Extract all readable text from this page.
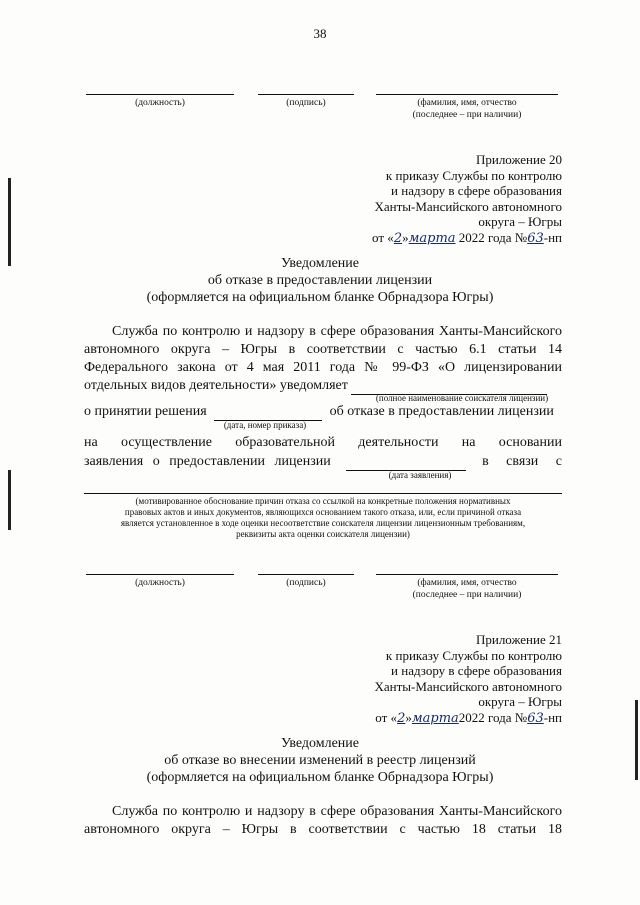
38
(должность)	(подпись)	(фамилия, имя, отчество
(последнее – при наличии)
Приложение 20
к приказу Службы по контролю
и надзору в сфере образования
Ханты-Мансийского автономного
округа – Югры
от «2»марта 2022 года №63-нп
Уведомление
об отказе в предоставлении лицензии
(оформляется на официальном бланке Обрнадзора Югры)
Служба по контролю и надзору в сфере образования Ханты-Мансийского
автономного округа – Югры в соответствии с частью 6.1 статьи 14
Федерального закона от 4 мая 2011 года № 99-ФЗ «О лицензировании
отдельных видов деятельности» уведомляет
(полное наименование соискателя лицензии)
о принятии решения	об отказе в предоставлении лицензии
(дата, номер приказа)
на осуществление образовательной деятельности на основании
заявления о предоставлении лицензии	в связи с
(дата заявления)
(мотивированное обоснование причин отказа со ссылкой на конкретные положения нормативных
правовых актов и иных документов, являющихся основанием такого отказа, или, если причиной отказа
является установленное в ходе оценки несоответствие соискателя лицензии лицензионным требованиям,
реквизиты акта оценки соискателя лицензии)
(должность)	(подпись)	(фамилия, имя, отчество
(последнее – при наличии)
Приложение 21
к приказу Службы по контролю
и надзору в сфере образования
Ханты-Мансийского автономного
округа – Югры
от «2»марта2022 года №63-нп
Уведомление
об отказе во внесении изменений в реестр лицензий
(оформляется на официальном бланке Обрнадзора Югры)
Служба по контролю и надзору в сфере образования Ханты-Мансийского
автономного округа – Югры в соответствии с частью 18 статьи 18
